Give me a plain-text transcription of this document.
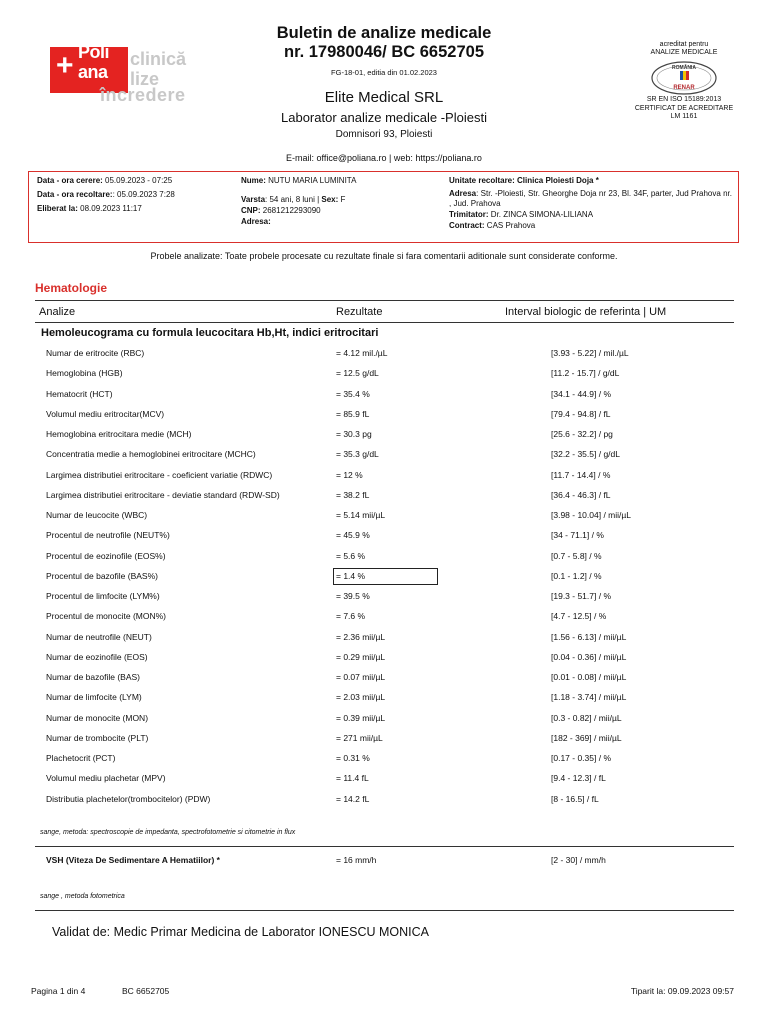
+ Poli
ana
clinică
lize
încredere
Buletin de analize medicale
nr. 17980046/ BC 6652705
FG-18-01, editia din 01.02.2023
Elite Medical SRL
Laborator analize medicale -Ploiesti
Domnisori 93, Ploiesti
E-mail: office@poliana.ro | web: https://poliana.ro
acreditat pentru
ANALIZE MEDICALE
ROMÂNIA
RENAR
SR EN ISO 15189:2013
CERTIFICAT DE ACREDITARE
LM 1161
Data - ora cerere: 05.09.2023 - 07:25
Data - ora recoltare:: 05.09.2023 7:28
Eliberat la: 08.09.2023 11:17
Nume: NUTU MARIA LUMINITA
Varsta: 54 ani, 8 luni | Sex: F
CNP: 2681212293090
Adresa:
Unitate recoltare: Clinica Ploiesti Doja *
Adresa: Str. -Ploiesti, Str. Gheorghe Doja nr 23, Bl. 34F, parter, Jud Prahova nr. , Jud. Prahova
Trimitator: Dr. ZINCA SIMONA-LILIANA
Contract: CAS Prahova
Probele analizate: Toate probele procesate cu rezultate finale si fara comentarii aditionale sunt considerate conforme.
Hematologie
Analize	Rezultate	Interval biologic de referinta | UM
Hemoleucograma cu formula leucocitara Hb,Ht, indici eritrocitari
Numar de eritrocite (RBC)	= 4.12 mil./µL	[3.93 - 5.22] / mil./µL
Hemoglobina (HGB)	= 12.5 g/dL	[11.2 - 15.7] / g/dL
Hematocrit (HCT)	= 35.4 %	[34.1 - 44.9] / %
Volumul mediu eritrocitar(MCV)	= 85.9 fL	[79.4 - 94.8] / fL
Hemoglobina eritrocitara medie (MCH)	= 30.3 pg	[25.6 - 32.2] / pg
Concentratia medie a hemoglobinei eritrocitare (MCHC)	= 35.3 g/dL	[32.2 - 35.5] / g/dL
Largimea distributiei eritrocitare - coeficient variatie (RDWC)	= 12 %	[11.7 - 14.4] / %
Largimea distributiei eritrocitare - deviatie standard (RDW-SD)	= 38.2 fL	[36.4 - 46.3] / fL
Numar de leucocite (WBC)	= 5.14 mii/µL	[3.98 - 10.04] / mii/µL
Procentul de neutrofile (NEUT%)	= 45.9 %	[34 - 71.1] / %
Procentul de eozinofile (EOS%)	= 5.6 %	[0.7 - 5.8] / %
Procentul de bazofile (BAS%)	= 1.4 %	[0.1 - 1.2] / %
Procentul de limfocite (LYM%)	= 39.5 %	[19.3 - 51.7] / %
Procentul de monocite (MON%)	= 7.6 %	[4.7 - 12.5] / %
Numar de neutrofile (NEUT)	= 2.36 mii/µL	[1.56 - 6.13] / mii/µL
Numar de eozinofile (EOS)	= 0.29 mii/µL	[0.04 - 0.36] / mii/µL
Numar de bazofile (BAS)	= 0.07 mii/µL	[0.01 - 0.08] / mii/µL
Numar de limfocite (LYM)	= 2.03 mii/µL	[1.18 - 3.74] / mii/µL
Numar de monocite (MON)	= 0.39 mii/µL	[0.3 - 0.82] / mii/µL
Numar de trombocite (PLT)	= 271 mii/µL	[182 - 369] / mii/µL
Plachetocrit (PCT)	= 0.31 %	[0.17 - 0.35] / %
Volumul mediu plachetar (MPV)	= 11.4 fL	[9.4 - 12.3] / fL
Distributia plachetelor(trombocitelor) (PDW)	= 14.2 fL	[8 - 16.5] / fL
sange, metoda: spectroscopie de impedanta, spectrofotometrie si citometrie in flux
VSH (Viteza De Sedimentare A Hematiilor) *	= 16 mm/h	[2 - 30] / mm/h
sange , metoda fotometrica
Validat de: Medic Primar Medicina de Laborator IONESCU MONICA
Pagina 1 din 4	BC 6652705	Tiparit la: 09.09.2023 09:57
